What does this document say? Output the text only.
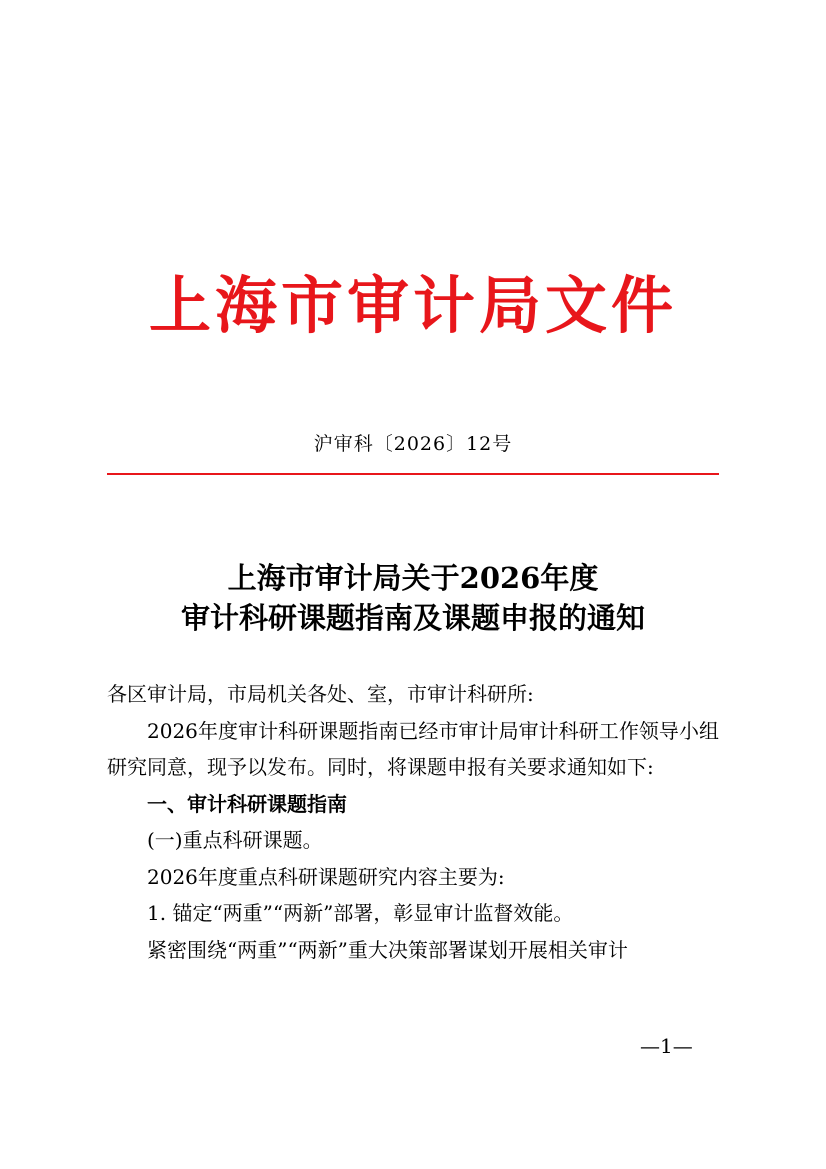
上海市审计局文件

沪审科〔2026〕12号

上海市审计局关于2026年度
审计科研课题指南及课题申报的通知

各区审计局，市局机关各处、室，市审计科研所:

2026年度审计科研课题指南已经市审计局审计科研工作领导小组研究同意，现予以发布。同时，将课题申报有关要求通知如下:

一、审计科研课题指南

(一)重点科研课题。

2026年度重点科研课题研究内容主要为:

1. 锚定“两重”“两新”部署，彰显审计监督效能。

紧密围绕“两重”“两新”重大决策部署谋划开展相关审计

—1—
